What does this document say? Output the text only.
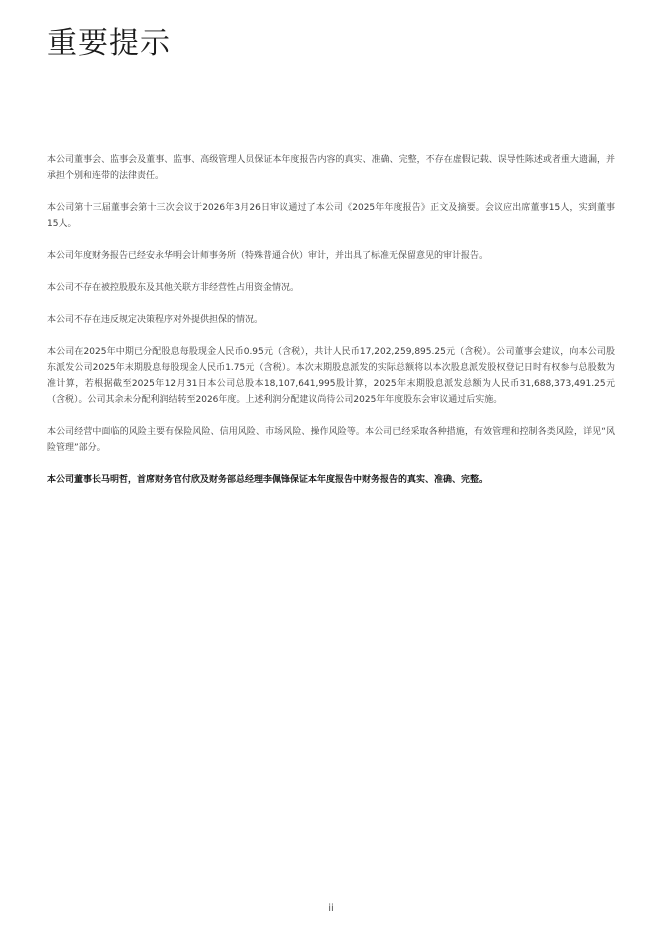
重要提示

本公司董事会、监事会及董事、监事、高级管理人员保证本年度报告内容的真实、准确、完整，不存在虚假记载、误导性陈述或者重大遗漏，并承担个别和连带的法律责任。

本公司第十三届董事会第十三次会议于2026年3月26日审议通过了本公司《2025年年度报告》正文及摘要。会议应出席董事15人，实到董事15人。

本公司年度财务报告已经安永华明会计师事务所（特殊普通合伙）审计，并出具了标准无保留意见的审计报告。

本公司不存在被控股股东及其他关联方非经营性占用资金情况。

本公司不存在违反规定决策程序对外提供担保的情况。

本公司在2025年中期已分配股息每股现金人民币0.95元（含税），共计人民币17,202,259,895.25元（含税）。公司董事会建议，向本公司股东派发公司2025年末期股息每股现金人民币1.75元（含税）。本次末期股息派发的实际总额将以本次股息派发股权登记日时有权参与总股数为准计算，若根据截至2025年12月31日本公司总股本18,107,641,995股计算，2025年末期股息派发总额为人民币31,688,373,491.25元（含税）。公司其余未分配利润结转至2026年度。上述利润分配建议尚待公司2025年年度股东会审议通过后实施。

本公司经营中面临的风险主要有保险风险、信用风险、市场风险、操作风险等。本公司已经采取各种措施，有效管理和控制各类风险，详见“风险管理”部分。

本公司董事长马明哲，首席财务官付欣及财务部总经理李佩锋保证本年度报告中财务报告的真实、准确、完整。

ii
